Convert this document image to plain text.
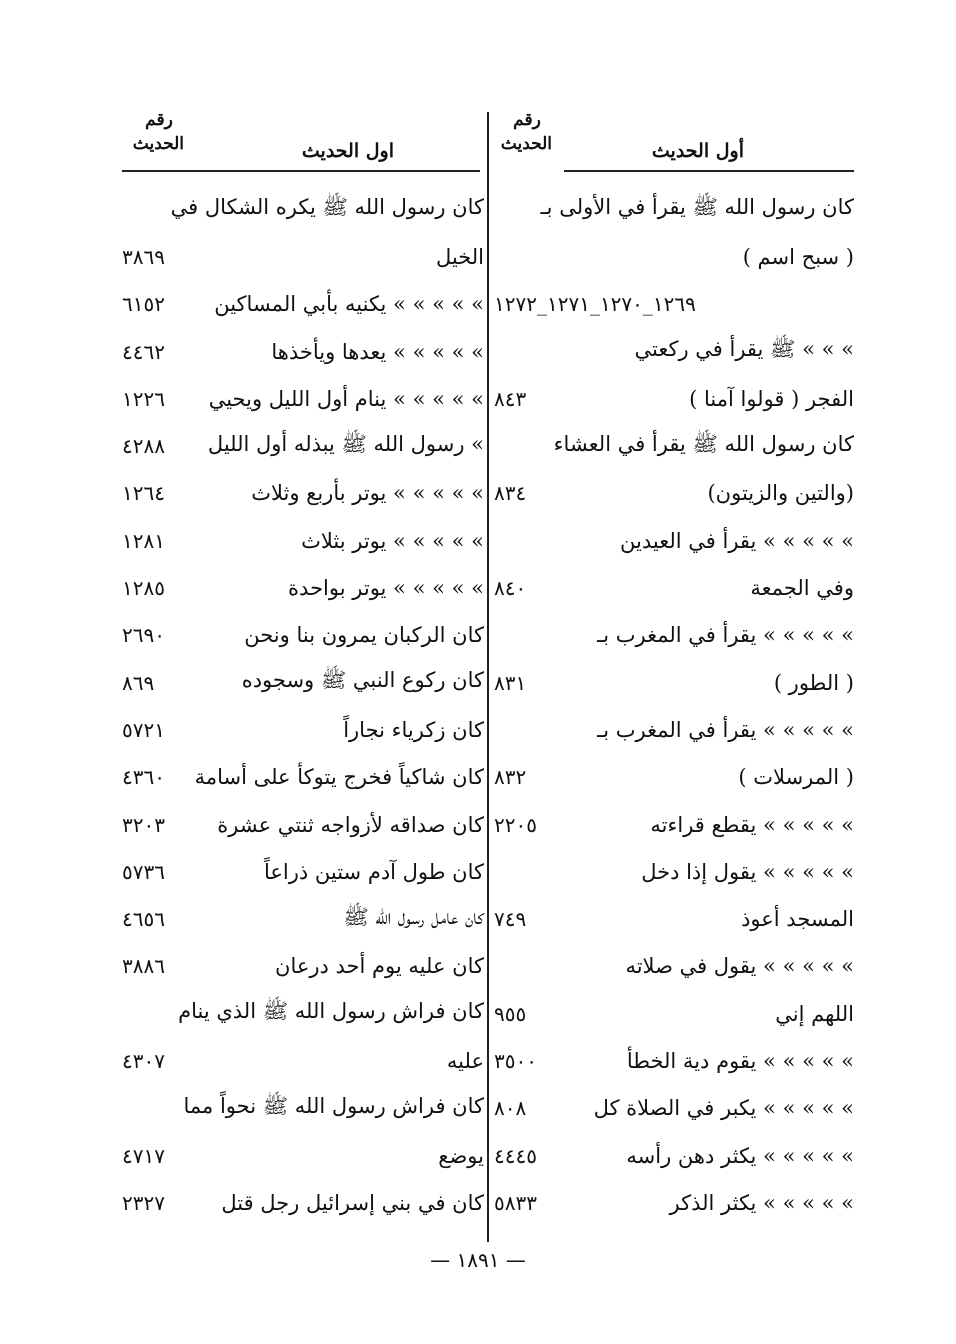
أول الحديث
رقم الحديث
كان رسول الله ﷺ يقرأ في الأولى بـ
( سبح اسم )
١٢٦٩_١٢٧٠_١٢٧١_١٢٧٢
» » » ﷺ يقرأ في ركعتي
الفجر ( قولوا آمنا )
٨٤٣
كان رسول الله ﷺ يقرأ في العشاء
(والتين والزيتون)
٨٣٤
» » » » » يقرأ في العيدين
وفي الجمعة
٨٤٠
» » » » » يقرأ في المغرب بـ
( الطور )
٨٣١
» » » » » يقرأ في المغرب بـ
( المرسلات )
٨٣٢
» » » » » يقطع قراءته
٢٢٠٥
» » » » » يقول إذا دخل
المسجد أعوذ
٧٤٩
» » » » » يقول في صلاته
اللهم إني
٩٥٥
» » » » » يقوم دية الخطأ
٣٥٠٠
» » » » » يكبر في الصلاة كل
٨٠٨
» » » » » يكثر دهن رأسه
٤٤٤٥
» » » » » يكثر الذكر
٥٨٣٣
اول الحديث
رقم الحديث
كان رسول الله ﷺ يكره الشكال في
الخيل
٣٨٦٩
» » » » » يكنيه بأبي المساكين
٦١٥٢
» » » » » يعدها ويأخذها
٤٤٦٢
» » » » » ينام أول الليل ويحيي
١٢٢٦
» رسول الله ﷺ يبذله أول الليل
٤٢٨٨
» » » » » يوتر بأربع وثلاث
١٢٦٤
» » » » » يوتر بثلاث
١٢٨١
» » » » » يوتر بواحدة
١٢٨٥
كان الركبان يمرون بنا ونحن
٢٦٩٠
كان ركوع النبي ﷺ وسجوده
٨٦٩
كان زكرياء نجاراً
٥٧٢١
كان شاكياً فخرج يتوكأ على أسامة
٤٣٦٠
كان صداقه لأزواجه ثنتي عشرة
٣٢٠٣
كان طول آدم ستين ذراعاً
٥٧٣٦
كان عامل رسول الله ﷺ
٤٦٥٦
كان عليه يوم أحد درعان
٣٨٨٦
كان فراش رسول الله ﷺ الذي ينام
عليه
٤٣٠٧
كان فراش رسول الله ﷺ نحواً مما
يوضع
٤٧١٧
كان في بني إسرائيل رجل قتل
٢٣٢٧
— ١٨٩١ —
